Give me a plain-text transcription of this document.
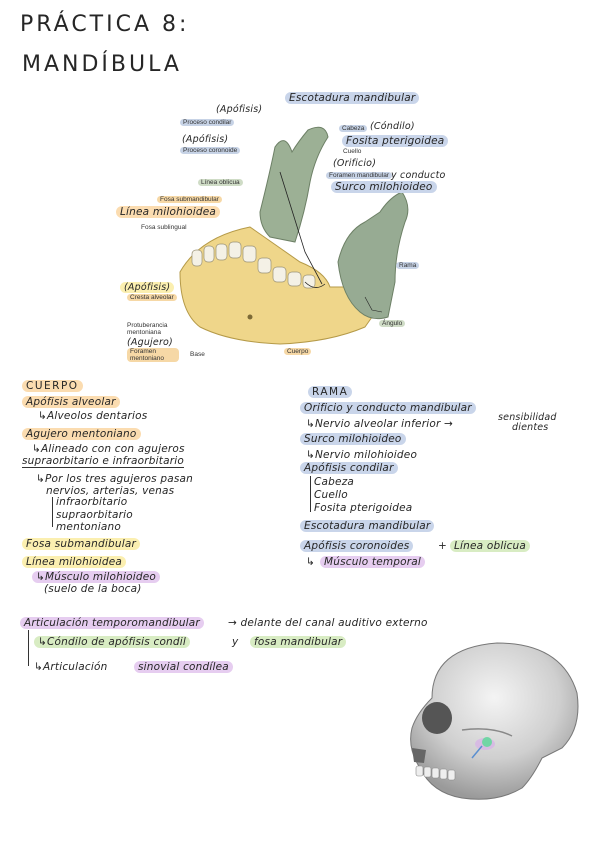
PRÁCTICA 8:
MANDÍBULA
Proceso condilar
(Apófisis)
(Apófisis)
Proceso coronoide
Línea oblicua
Fosa submandibular
Línea milohioidea
Fosa sublingual
(Apófisis)
Cresta alveolar
Protuberancia mentoniana
(Agujero)
Foramen mentoniano
Base	Cuerpo
Ángulo
Rama
Cabeza (Cóndilo)
Cuello
(Orificio)
Foramen mandibular
Escotadura mandibular
Fosita pterigoidea
y conducto
Surco milohioideo
CUERPO
Apófisis alveolar
↳Alveolos dentarios
Agujero mentoniano
↳Alineado con con agujeros
supraorbitario e infraorbitario
↳Por los tres agujeros pasan
nervios, arterias, venas
infraorbitario
supraorbitario
mentoniano
Fosa submandibular
Línea milohioidea
↳Músculo milohioideo
(suelo de la boca)
RAMA
Orificio y conducto mandibular
↳Nervio alveolar inferior →
sensibilidad
dientes
Surco milohioideo
↳Nervio milohioideo
Apófisis condilar
Cabeza
Cuello
Fosita pterigoidea
Escotadura mandibular
Apófisis coronoides	+ Línea oblicua
↳ Músculo temporal
Articulación temporomandibular	→ delante del canal auditivo externo
↳Cóndilo de apófisis condil	y	fosa mandibular
↳Articulación	sinovial condílea
